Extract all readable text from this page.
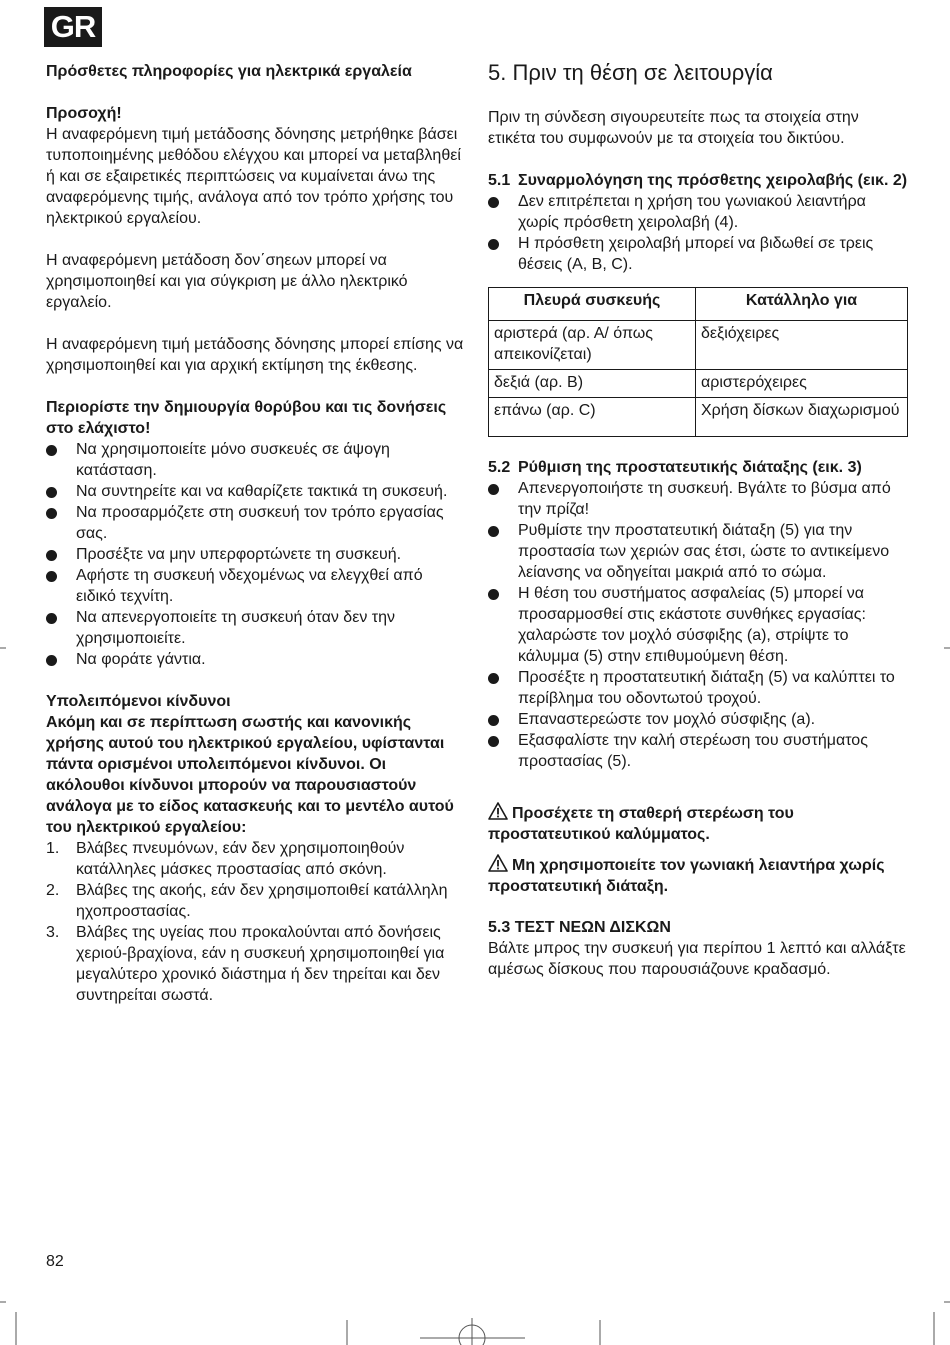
GR

Πρόσθετες πληροφορίες για ηλεκτρικά εργαλεία

Προσοχή!

Η αναφερόμενη τιμή μετάδοσης δόνησης μετρήθηκε βάσει τυποποιημένης μεθόδου ελέγχου και μπορεί να μεταβληθεί ή και σε εξαιρετικές περιπτώσεις να κυμαίνεται άνω της αναφερόμενης τιμής, ανάλογα από τον τρόπο χρήσης του ηλεκτρικού εργαλείου.

Η αναφερόμενη μετάδοση δον΄σηεων μπορεί να χρησιμοποιηθεί και για σύγκριση με άλλο ηλεκτρικό εργαλείο.

Η αναφερόμενη τιμή μετάδοσης δόνησης μπορεί επίσης να χρησιμοποιηθεί και για αρχική εκτίμηση της έκθεσης.

Περιορίστε την δημιουργία θορύβου και τις δονήσεις στο ελάχιστο!

Να χρησιμοποιείτε μόνο συσκευές σε άψογη κατάσταση.
Να συντηρείτε και να καθαρίζετε τακτικά τη συκσευή.
Να προσαρμόζετε στη συσκευή τον τρόπο εργασίας σας.
Προσέξτε να μην υπερφορτώνετε τη συσκευή.
Αφήστε τη συσκευή νδεχομένως να ελεγχθεί από ειδικό τεχνίτη.
Να απενεργοποιείτε τη συσκευή όταν δεν την χρησιμοποιείτε.
Να φοράτε γάντια.

Υπολειπόμενοι κίνδυνοι

Ακόμη και σε περίπτωση σωστής και κανονικής χρήσης αυτού του ηλεκτρικού εργαλείου, υφίστανται πάντα ορισμένοι υπολειπόμενοι κίνδυνοι. Οι ακόλουθοι κίνδυνοι μπορούν να παρουσιαστούν ανάλογα με το είδος κατασκευής και το μεντέλο αυτού του ηλεκτρικού εργαλείου:

1. Βλάβες πνευμόνων, εάν δεν χρησιμοποιηθούν κατάλληλες μάσκες προστασίας από σκόνη.
2. Βλάβες της ακοής, εάν δεν χρησιμοποιθεί κατάλληλη ηχοπροστασίας.
3. Βλάβες της υγείας που προκαλούνται από δονήσεις χεριού-βραχίονα, εάν η συσκευή χρησιμοποιηθεί για μεγαλύτερο χρονικό διάστημα ή δεν τηρείται και δεν συντηρείται σωστά.
5. Πριν τη θέση σε λειτουργία

Πριν τη σύνδεση σιγουρευτείτε πως τα στοιχεία στην ετικέτα του συμφωνούν με τα στοιχεία του δικτύου.

5.1 Συναρμολόγηση της πρόσθετης χειρολαβής (εικ. 2)
Δεν επιτρέπεται η χρήση του γωνιακού λειαντήρα χωρίς πρόσθετη χειρολαβή (4).
Η πρόσθετη χειρολαβή μπορεί να βιδωθεί σε τρεις θέσεις (A, B, C).
Πλευρά συσκευής	Κατάλληλο για
αριστερά (αρ. Α/ όπως απεικονίζεται)	δεξιόχειρες
δεξιά (αρ. B)	αριστερόχειρες
επάνω (αρ. C)	Χρήση δίσκων διαχωρισμού
5.2 Ρύθμιση της προστατευτικής διάταξης (εικ. 3)
Απενεργοποιήστε τη συσκευή. Βγάλτε το βύσμα από την πρίζα!
Ρυθμίστε την προστατευτική διάταξη (5) για την προστασία των χεριών σας έτσι, ώστε το αντικείμενο λείανσης να οδηγείται μακριά από το σώμα.
Η θέση του συστήματος ασφαλείας (5) μπορεί να προσαρμοσθεί στις εκάστοτε συνθήκες εργασίας: χαλαρώστε τον μοχλό σύσφιξης (a), στρίψτε το κάλυμμα (5) στην επιθυμούμενη θέση.
Προσέξτε η προστατευτική διάταξη (5) να καλύπτει το περίβλημα του οδοντωτού τροχού.
Επαναστερεώστε τον μοχλό σύσφιξης (a).
Εξασφαλίστε την καλή στερέωση του συστήματος προστασίας (5).

Προσέχετε τη σταθερή στερέωση του προστατευτικού καλύμματος.

Μη χρησιμοποιείτε τον γωνιακή λειαντήρα χωρίς προστατευτική διάταξη.

5.3 ΤΕΣΤ ΝΕΩΝ ΔΙΣΚΩΝ

Βάλτε μπρος την συσκευή για περίπου 1 λεπτό και αλλάξτε αμέσως δίσκους που παρουσιάζουνε κραδασμό.

82
